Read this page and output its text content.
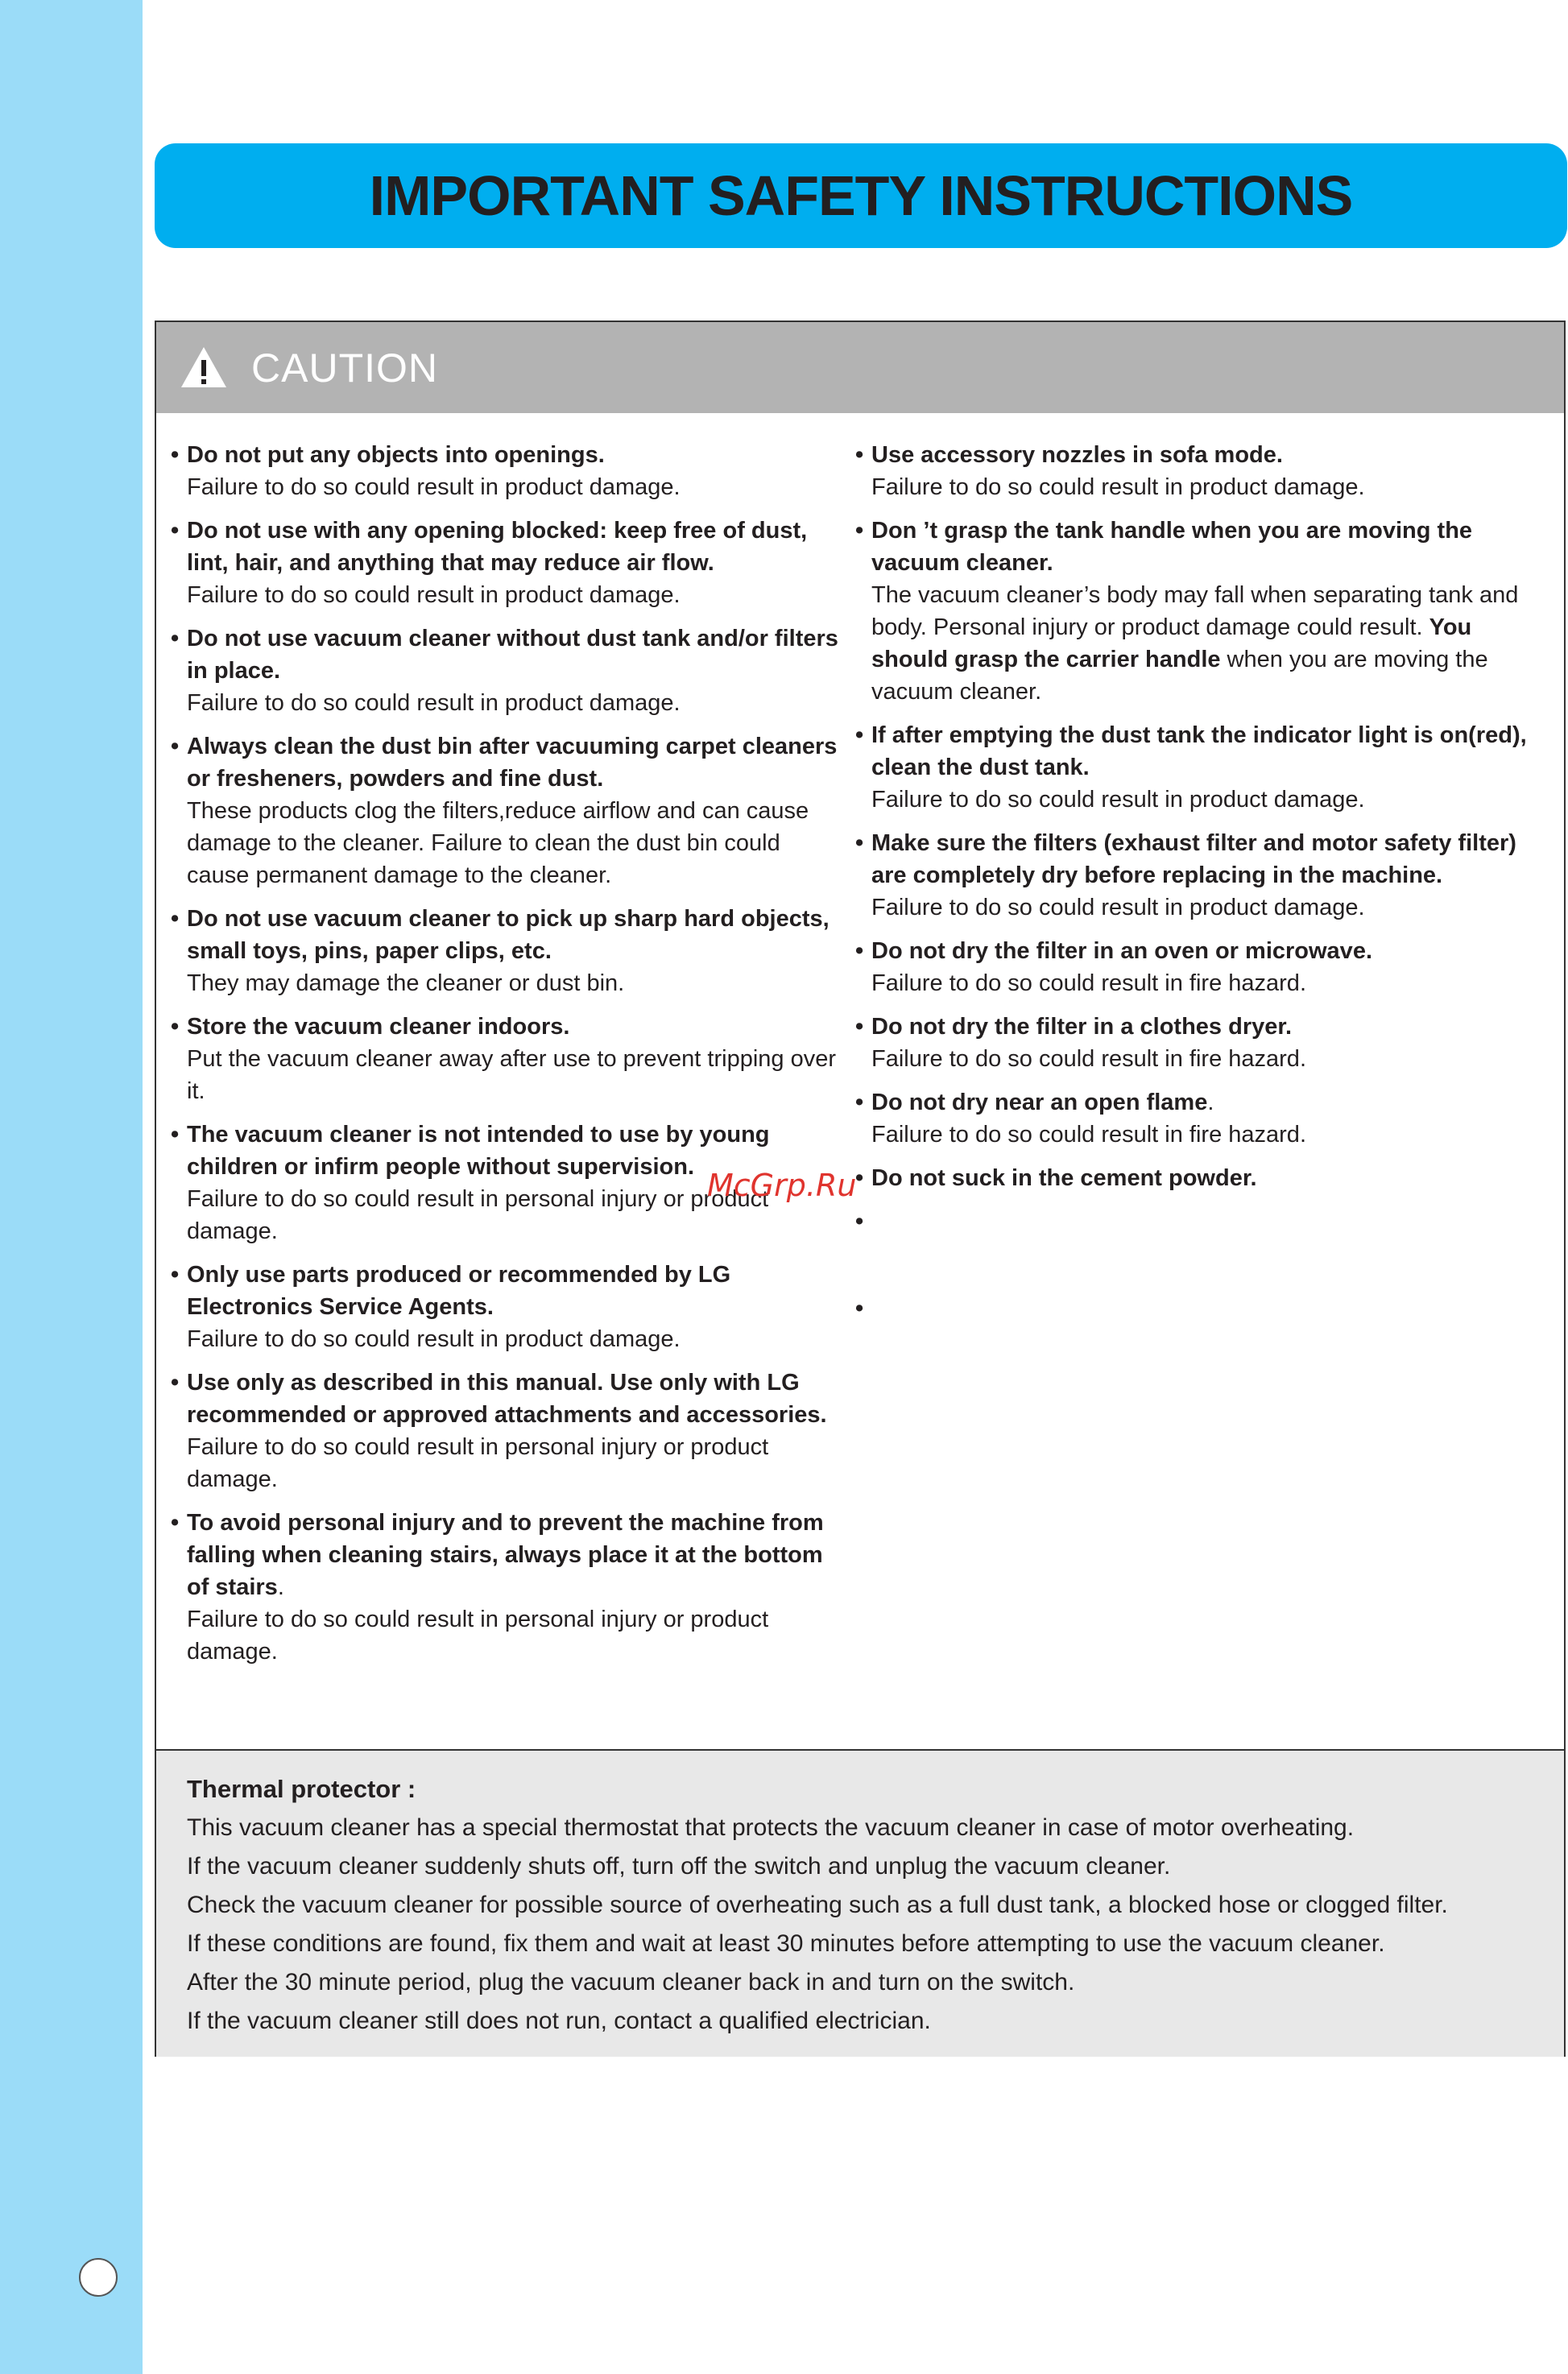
IMPORTANT SAFETY INSTRUCTIONS
CAUTION
• Do not put any objects into openings.
Failure to do so could result in product damage.
• Do not use with any opening blocked: keep free of dust, lint, hair, and anything that may reduce air flow.
Failure to do so could result in product damage.
• Do not use vacuum cleaner without dust tank and/or filters in place.
Failure to do so could result in product damage.
• Always clean the dust bin after vacuuming carpet cleaners or fresheners, powders and fine dust.
These products clog the filters,reduce airflow and can cause damage to the cleaner. Failure to clean the dust bin could cause permanent damage to the cleaner.
• Do not use vacuum cleaner to pick up sharp hard objects, small toys, pins, paper clips, etc.
They may damage the cleaner or dust bin.
• Store the vacuum cleaner indoors.
Put the vacuum cleaner away after use to prevent tripping over it.
• The vacuum cleaner is not intended to use by young children or infirm people without supervision.
Failure to do so could result in personal injury or product damage.
• Only use parts produced or recommended by LG Electronics Service Agents.
Failure to do so could result in product damage.
• Use only as described in this manual. Use only with LG recommended or approved attachments and accessories.
Failure to do so could result in personal injury or product damage.
• To avoid personal injury and to prevent the machine from falling when cleaning stairs, always place it at the bottom of stairs.
Failure to do so could result in personal injury or product damage.
• Use accessory nozzles in sofa mode.
Failure to do so could result in product damage.
• Don ’t grasp the tank handle when you are moving the vacuum cleaner.
The vacuum cleaner’s body may fall when separating tank and body. Personal injury or product damage could result. You should grasp the carrier handle when you are moving the vacuum cleaner.
• If after emptying the dust tank the indicator light is on(red), clean the dust tank.
Failure to do so could result in product damage.
• Make sure the filters (exhaust filter and motor safety filter) are completely dry before replacing in the machine.
Failure to do so could result in product damage.
• Do not dry the filter in an oven or microwave.
Failure to do so could result in fire hazard.
• Do not dry the filter in a clothes dryer.
Failure to do so could result in fire hazard.
• Do not dry near an open flame.
Failure to do so could result in fire hazard.
• Do not suck in the cement powder.
•
•
Thermal protector :
This vacuum cleaner has a special thermostat that protects the vacuum cleaner in case of motor overheating.
If the vacuum cleaner suddenly shuts off, turn off the switch and unplug the vacuum cleaner.
Check the vacuum cleaner for possible source of overheating such as a full dust tank, a blocked hose or clogged filter.
If these conditions are found, fix them and wait at least 30 minutes before attempting to use the vacuum cleaner.
After the 30 minute period, plug the vacuum cleaner back in and turn on the switch.
If the vacuum cleaner still does not run, contact a qualified electrician.
McGrp.Ru
